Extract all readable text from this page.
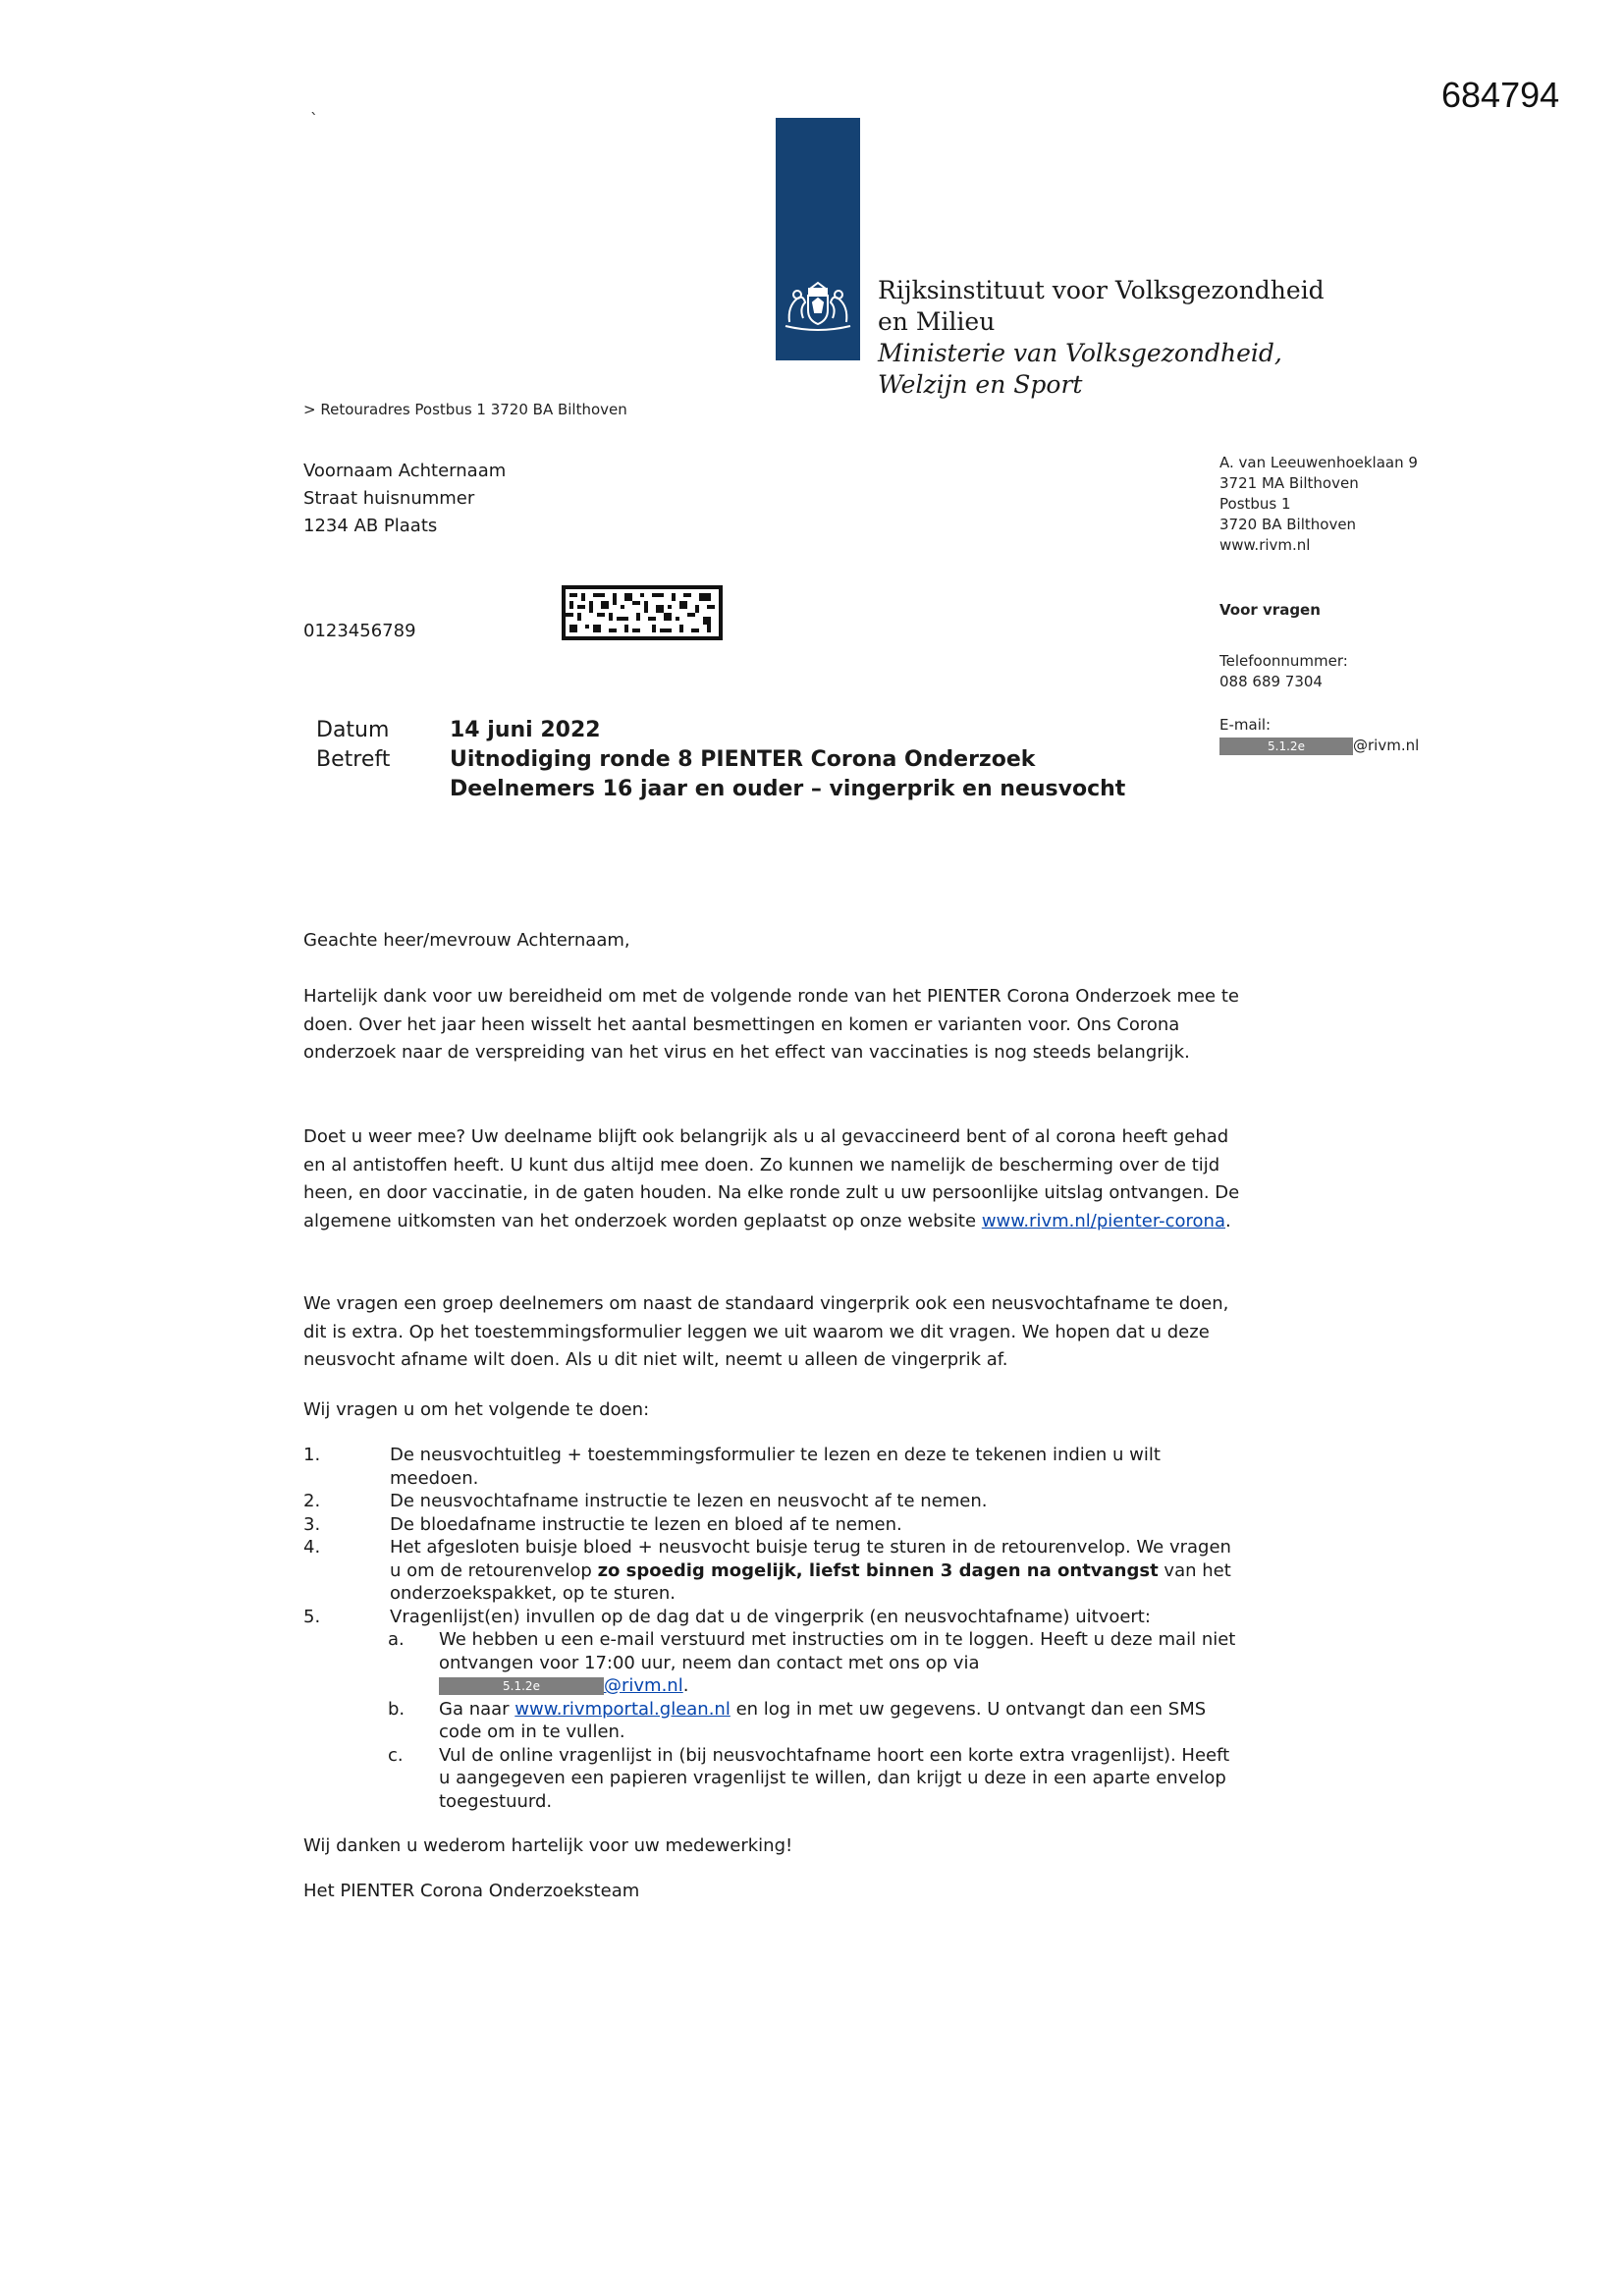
684794
`
Rijksinstituut voor Volksgezondheid
en Milieu
Ministerie van Volksgezondheid,
Welzijn en Sport
> Retouradres Postbus 1 3720 BA Bilthoven
Voornaam Achternaam
Straat huisnummer
1234 AB Plaats
0123456789
A. van Leeuwenhoeklaan 9
3721 MA Bilthoven
Postbus 1
3720 BA Bilthoven
www.rivm.nl
Voor vragen
Telefoonnummer:
088 689 7304
E-mail:
5.1.2e	@rivm.nl
Datum	14 juni 2022
Betreft	Uitnodiging ronde 8 PIENTER Corona Onderzoek
Deelnemers 16 jaar en ouder – vingerprik en neusvocht
Geachte heer/mevrouw Achternaam,

Hartelijk dank voor uw bereidheid om met de volgende ronde van het PIENTER Corona Onderzoek mee te doen. Over het jaar heen wisselt het aantal besmettingen en komen er varianten voor. Ons Corona onderzoek naar de verspreiding van het virus en het effect van vaccinaties is nog steeds belangrijk.

Doet u weer mee? Uw deelname blijft ook belangrijk als u al gevaccineerd bent of al corona heeft gehad en al antistoffen heeft. U kunt dus altijd mee doen. Zo kunnen we namelijk de bescherming over de tijd heen, en door vaccinatie, in de gaten houden. Na elke ronde zult u uw persoonlijke uitslag ontvangen. De algemene uitkomsten van het onderzoek worden geplaatst op onze website www.rivm.nl/pienter-corona.

We vragen een groep deelnemers om naast de standaard vingerprik ook een neusvochtafname te doen, dit is extra. Op het toestemmingsformulier leggen we uit waarom we dit vragen. We hopen dat u deze neusvocht afname wilt doen. Als u dit niet wilt, neemt u alleen de vingerprik af.

Wij vragen u om het volgende te doen:
1.	De neusvochtuitleg + toestemmingsformulier te lezen en deze te tekenen indien u wilt meedoen.
2.	De neusvochtafname instructie te lezen en neusvocht af te nemen.
3.	De bloedafname instructie te lezen en bloed af te nemen.
4.	Het afgesloten buisje bloed + neusvocht buisje terug te sturen in de retourenvelop. We vragen u om de retourenvelop zo spoedig mogelijk, liefst binnen 3 dagen na ontvangst van het onderzoekspakket, op te sturen.
5.	Vragenlijst(en) invullen op de dag dat u de vingerprik (en neusvochtafname) uitvoert:
a. We hebben u een e-mail verstuurd met instructies om in te loggen. Heeft u deze mail niet ontvangen voor 17:00 uur, neem dan contact met ons op via
5.1.2e	@rivm.nl.
b. Ga naar www.rivmportal.glean.nl en log in met uw gegevens. U ontvangt dan een SMS code om in te vullen.
c. Vul de online vragenlijst in (bij neusvochtafname hoort een korte extra vragenlijst). Heeft u aangegeven een papieren vragenlijst te willen, dan krijgt u deze in een aparte envelop toegestuurd.
Wij danken u wederom hartelijk voor uw medewerking!
Het PIENTER Corona Onderzoeksteam
